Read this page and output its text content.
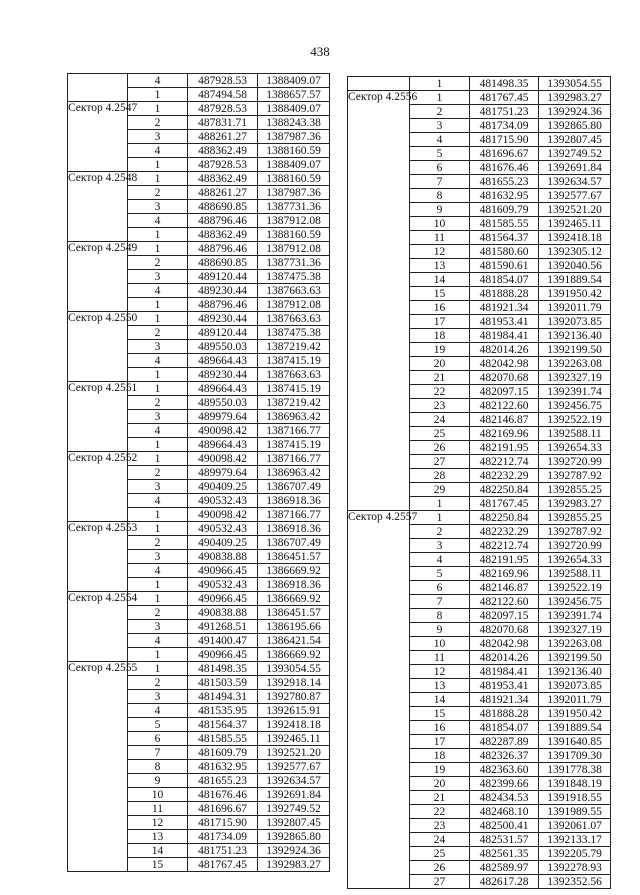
438
	4	487928.53	1388409.07
	1	487494.58	1388657.57
Сектор 4.2547	1	487928.53	1388409.07
	2	487831.71	1388243.38
	3	488261.27	1387987.36
	4	488362.49	1388160.59
	1	487928.53	1388409.07
Сектор 4.2548	1	488362.49	1388160.59
	2	488261.27	1387987.36
	3	488690.85	1387731.36
	4	488796.46	1387912.08
	1	488362.49	1388160.59
Сектор 4.2549	1	488796.46	1387912.08
	2	488690.85	1387731.36
	3	489120.44	1387475.38
	4	489230.44	1387663.63
	1	488796.46	1387912.08
Сектор 4.2550	1	489230.44	1387663.63
	2	489120.44	1387475.38
	3	489550.03	1387219.42
	4	489664.43	1387415.19
	1	489230.44	1387663.63
Сектор 4.2551	1	489664.43	1387415.19
	2	489550.03	1387219.42
	3	489979.64	1386963.42
	4	490098.42	1387166.77
	1	489664.43	1387415.19
Сектор 4.2552	1	490098.42	1387166.77
	2	489979.64	1386963.42
	3	490409.25	1386707.49
	4	490532.43	1386918.36
	1	490098.42	1387166.77
Сектор 4.2553	1	490532.43	1386918.36
	2	490409.25	1386707.49
	3	490838.88	1386451.57
	4	490966.45	1386669.92
	1	490532.43	1386918.36
Сектор 4.2554	1	490966.45	1386669.92
	2	490838.88	1386451.57
	3	491268.51	1386195.66
	4	491400.47	1386421.54
	1	490966.45	1386669.92
Сектор 4.2555	1	481498.35	1393054.55
	2	481503.59	1392918.14
	3	481494.31	1392780.87
	4	481535.95	1392615.91
	5	481564.37	1392418.18
	6	481585.55	1392465.11
	7	481609.79	1392521.20
	8	481632.95	1392577.67
	9	481655.23	1392634.57
	10	481676.46	1392691.84
	11	481696.67	1392749.52
	12	481715.90	1392807.45
	13	481734.09	1392865.80
	14	481751.23	1392924.36
	15	481767.45	1392983.27
	1	481498.35	1393054.55
Сектор 4.2556	1	481767.45	1392983.27
	2	481751.23	1392924.36
	3	481734.09	1392865.80
	4	481715.90	1392807.45
	5	481696.67	1392749.52
	6	481676.46	1392691.84
	7	481655.23	1392634.57
	8	481632.95	1392577.67
	9	481609.79	1392521.20
	10	481585.55	1392465.11
	11	481564.37	1392418.18
	12	481580.60	1392305.12
	13	481590.61	1392040.56
	14	481854.07	1391889.54
	15	481888.28	1391950.42
	16	481921.34	1392011.79
	17	481953.41	1392073.85
	18	481984.41	1392136.40
	19	482014.26	1392199.50
	20	482042.98	1392263.08
	21	482070.68	1392327.19
	22	482097.15	1392391.74
	23	482122.60	1392456.75
	24	482146.87	1392522.19
	25	482169.96	1392588.11
	26	482191.95	1392654.33
	27	482212.74	1392720.99
	28	482232.29	1392787.92
	29	482250.84	1392855.25
	1	481767.45	1392983.27
Сектор 4.2557	1	482250.84	1392855.25
	2	482232.29	1392787.92
	3	482212.74	1392720.99
	4	482191.95	1392654.33
	5	482169.96	1392588.11
	6	482146.87	1392522.19
	7	482122.60	1392456.75
	8	482097.15	1392391.74
	9	482070.68	1392327.19
	10	482042.98	1392263.08
	11	482014.26	1392199.50
	12	481984.41	1392136.40
	13	481953.41	1392073.85
	14	481921.34	1392011.79
	15	481888.28	1391950.42
	16	481854.07	1391889.54
	17	482287.89	1391640.85
	18	482326.37	1391709.30
	19	482363.60	1391778.38
	20	482399.66	1391848.19
	21	482434.53	1391918.55
	22	482468.10	1391989.55
	23	482500.41	1392061.07
	24	482531.57	1392133.17
	25	482561.35	1392205.79
	26	482589.97	1392278.93
	27	482617.28	1392352.56
